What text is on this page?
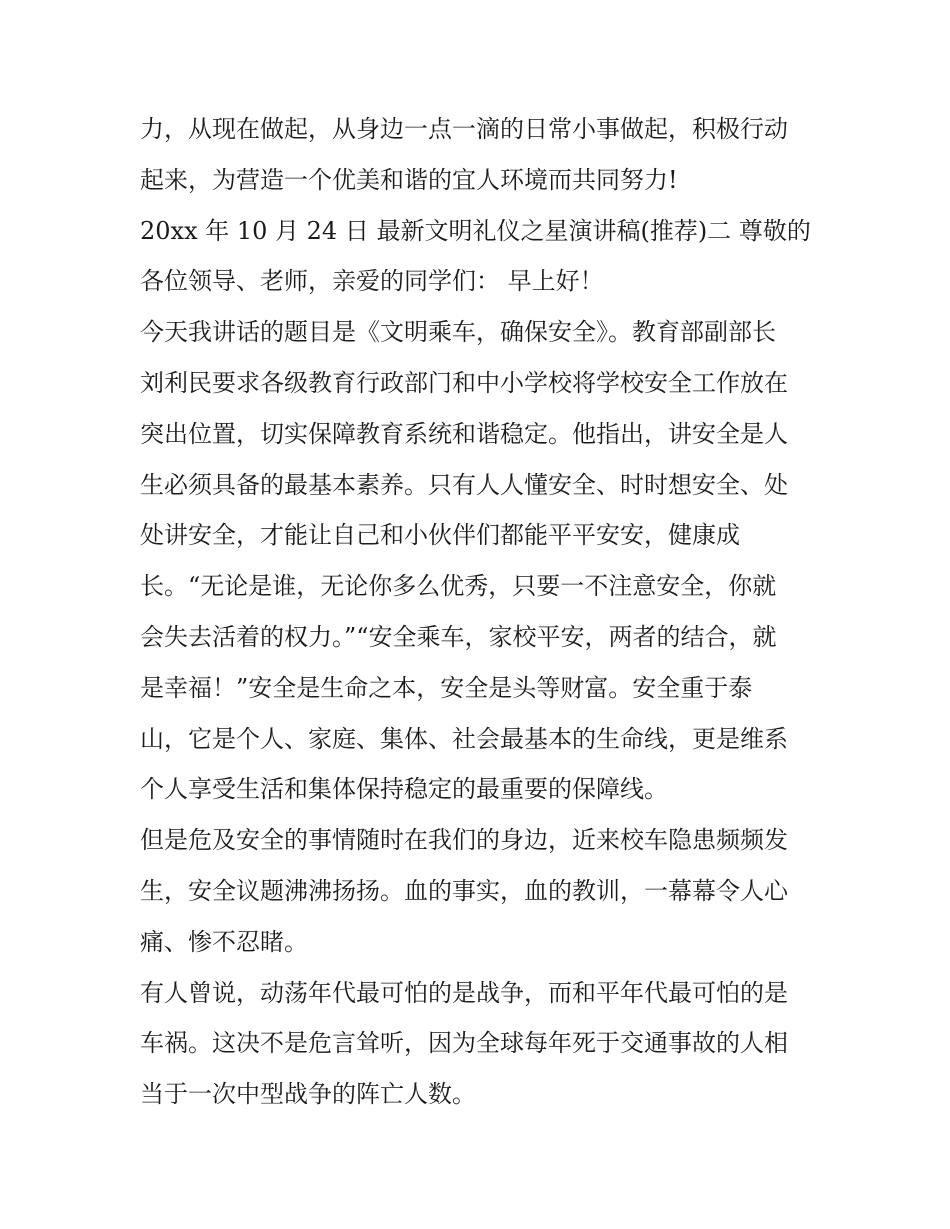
力，从现在做起，从身边一点一滴的日常小事做起，积极行动
起来，为营造一个优美和谐的宜人环境而共同努力!
20xx 年 10 月 24 日 最新文明礼仪之星演讲稿(推荐)二 尊敬的
各位领导、老师，亲爱的同学们： 早上好！
今天我讲话的题目是《文明乘车，确保安全》。教育部副部长
刘利民要求各级教育行政部门和中小学校将学校安全工作放在
突出位置，切实保障教育系统和谐稳定。他指出，讲安全是人
生必须具备的最基本素养。只有人人懂安全、时时想安全、处
处讲安全，才能让自己和小伙伴们都能平平安安，健康成
长。“无论是谁，无论你多么优秀，只要一不注意安全，你就
会失去活着的权力。”“安全乘车，家校平安，两者的结合，就
是幸福！”安全是生命之本，安全是头等财富。安全重于泰
山，它是个人、家庭、集体、社会最基本的生命线，更是维系
个人享受生活和集体保持稳定的最重要的保障线。
但是危及安全的事情随时在我们的身边，近来校车隐患频频发
生，安全议题沸沸扬扬。血的事实，血的教训，一幕幕令人心
痛、惨不忍睹。
有人曾说，动荡年代最可怕的是战争，而和平年代最可怕的是
车祸。这决不是危言耸听，因为全球每年死于交通事故的人相
当于一次中型战争的阵亡人数。
